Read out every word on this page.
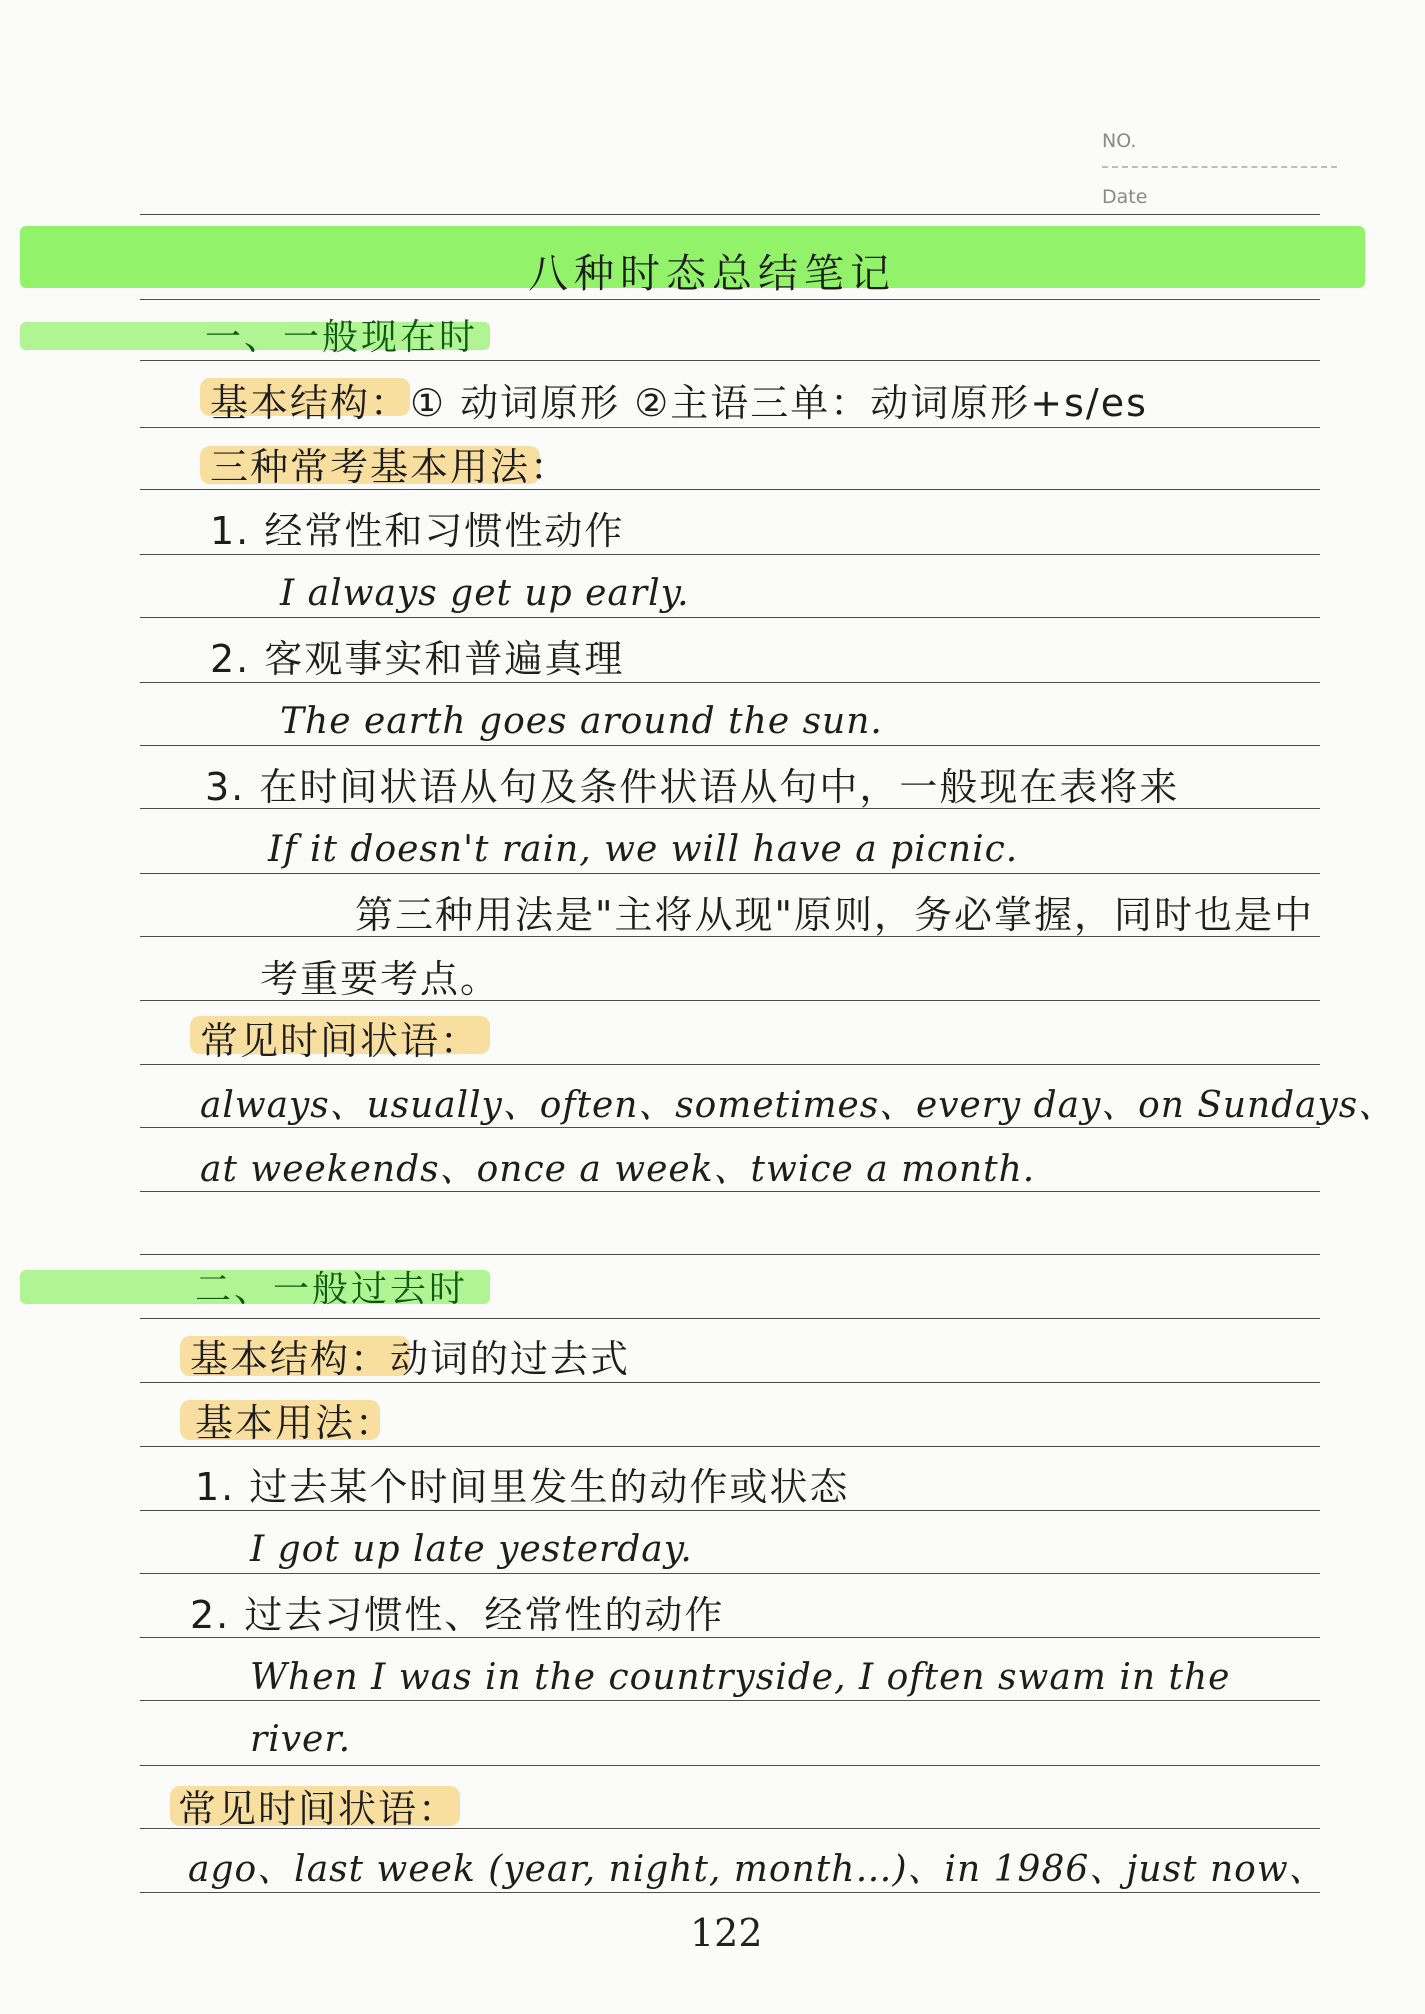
NO.
Date
八种时态总结笔记
一、一般现在时
基本结构：① 动词原形 ②主语三单：动词原形+s/es
三种常考基本用法：
1. 经常性和习惯性动作
I always get up early.
2. 客观事实和普遍真理
The earth goes around the sun.
3. 在时间状语从句及条件状语从句中，一般现在表将来
If it doesn't rain, we will have a picnic.
第三种用法是"主将从现"原则，务必掌握，同时也是中
考重要考点。
常见时间状语：
always、usually、often、sometimes、every day、on Sundays、
at weekends、once a week、twice a month.
二、一般过去时
基本结构：动词的过去式
基本用法：
1. 过去某个时间里发生的动作或状态
I got up late yesterday.
2. 过去习惯性、经常性的动作
When I was in the countryside, I often swam in the
river.
常见时间状语：
ago、last week (year, night, month…)、in 1986、just now、
122
